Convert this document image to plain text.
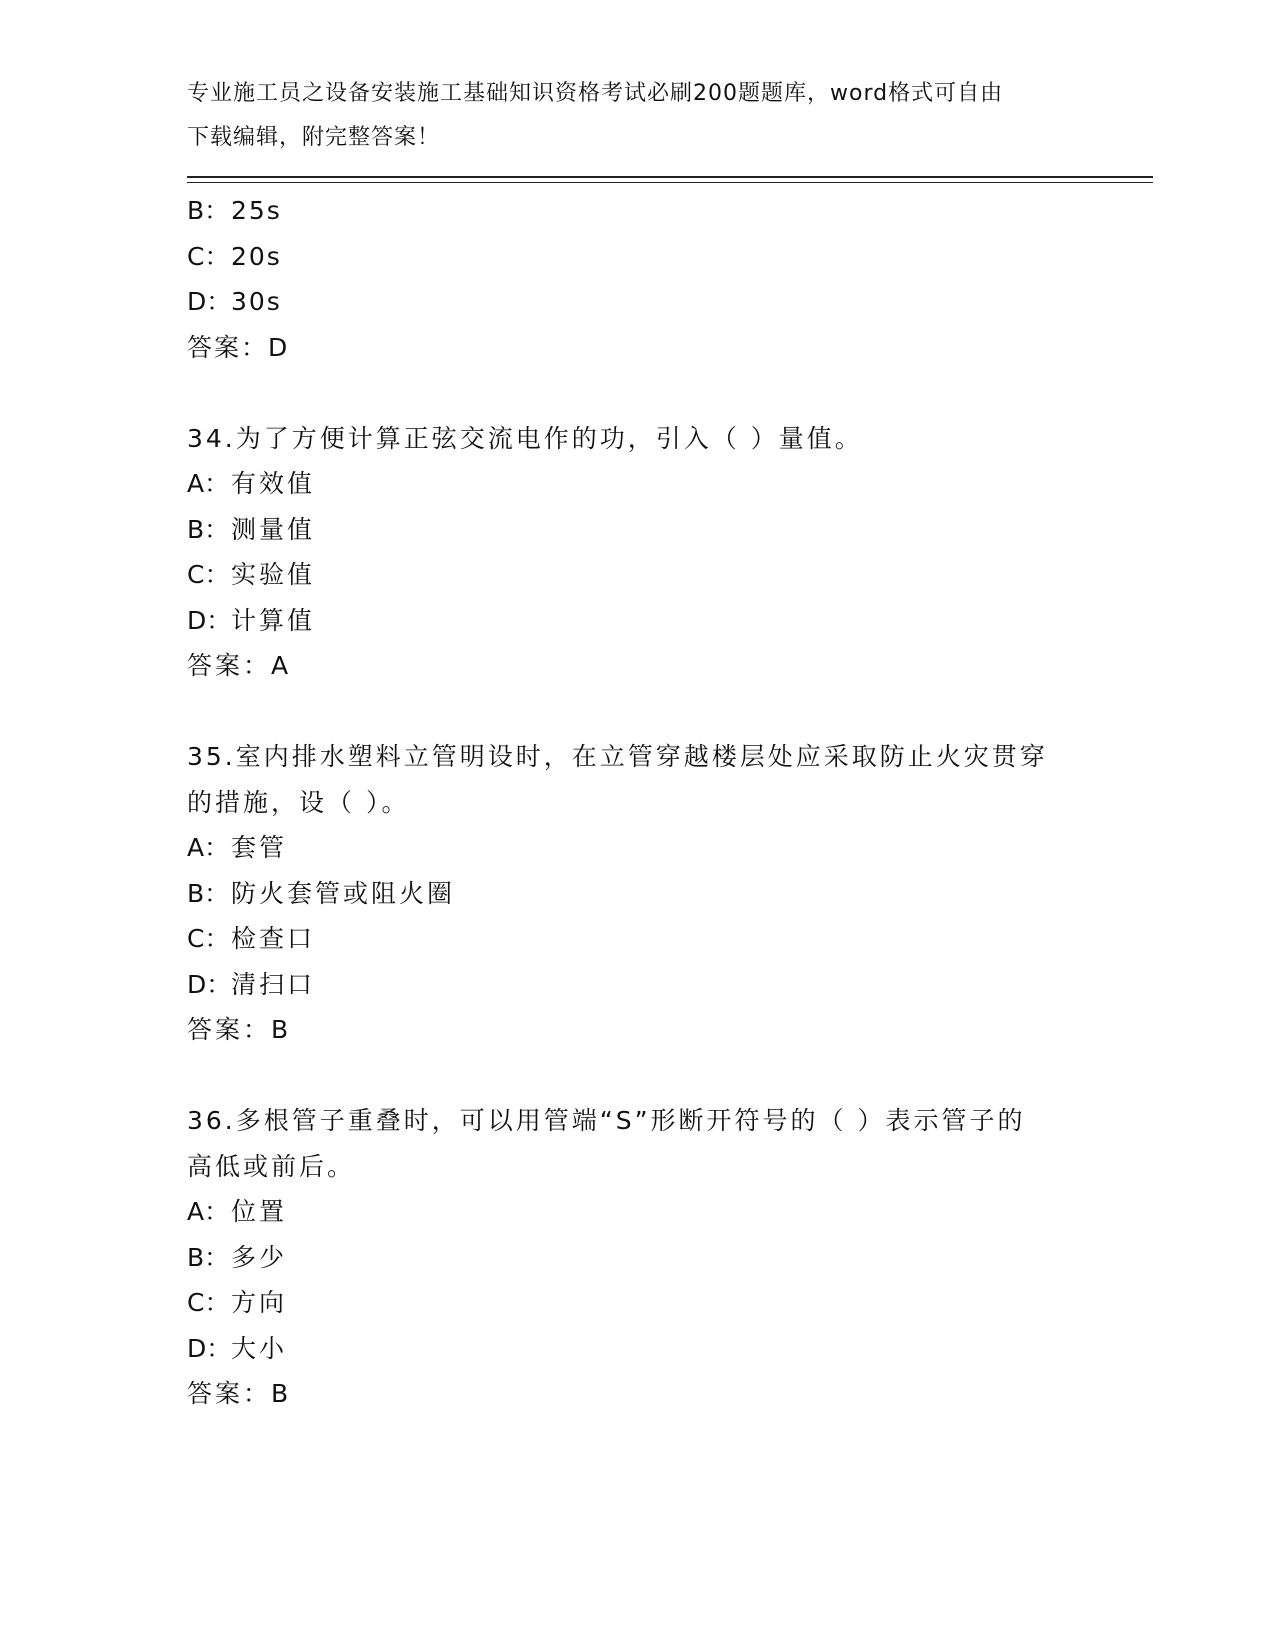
专业施工员之设备安装施工基础知识资格考试必刷200题题库，word格式可自由
下载编辑，附完整答案！
B：25s
C：20s
D：30s
答案：D
34.为了方便计算正弦交流电作的功，引入（ ）量值。
A：有效值
B：测量值
C：实验值
D：计算值
答案：A
35.室内排水塑料立管明设时，在立管穿越楼层处应采取防止火灾贯穿
的措施，设（ ）。
A：套管
B：防火套管或阻火圈
C：检查口
D：清扫口
答案：B
36.多根管子重叠时，可以用管端“S”形断开符号的（ ）表示管子的
高低或前后。
A：位置
B：多少
C：方向
D：大小
答案：B
